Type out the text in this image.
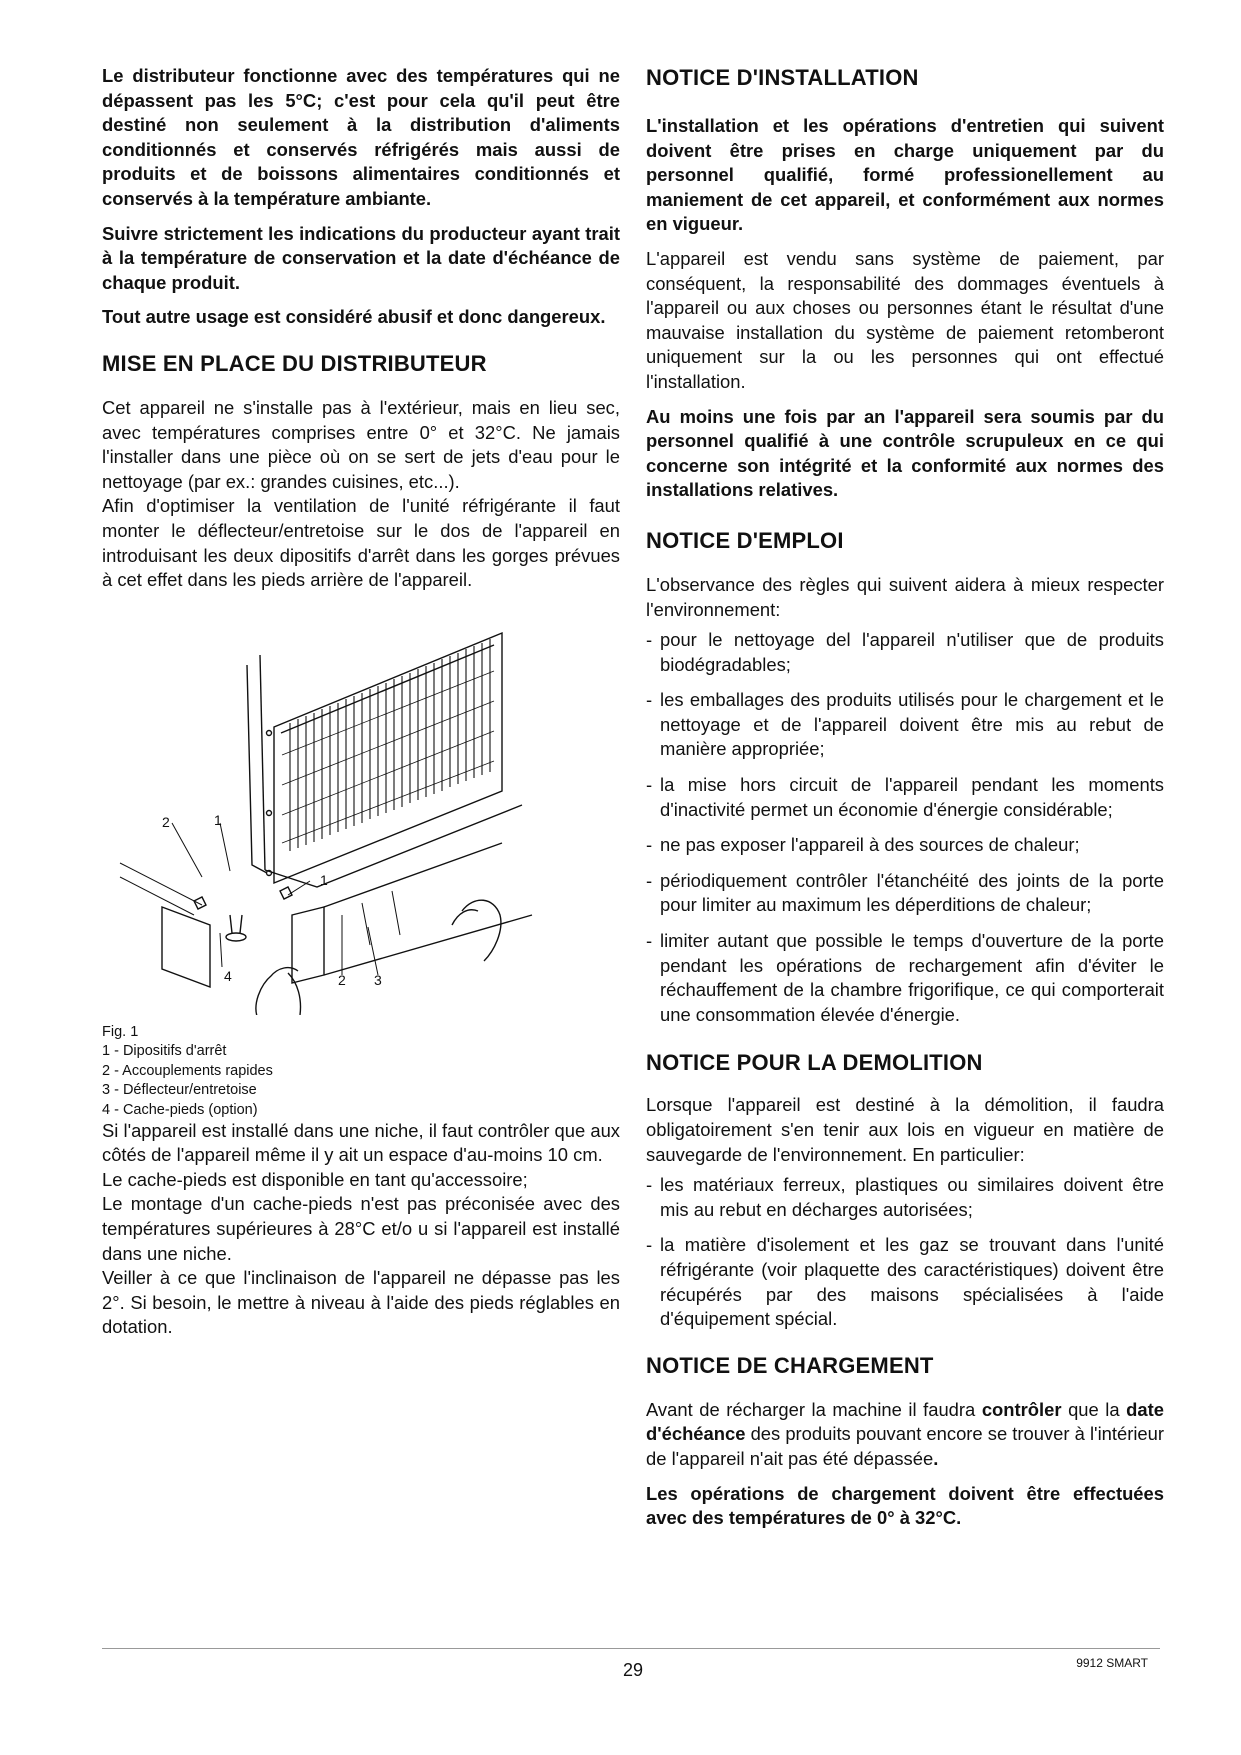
Le distributeur fonctionne avec des températures qui ne dépassent pas les 5°C; c'est pour cela qu'il peut être destiné non seulement à la distribution d'aliments conditionnés et conservés réfrigérés mais aussi de produits et de boissons alimentaires conditionnés et conservés à la température ambiante.

Suivre strictement les indications du producteur ayant trait à la température de conservation et la date d'échéance de chaque produit.

Tout autre usage est considéré abusif et donc dangereux.

MISE EN PLACE DU DISTRIBUTEUR

Cet appareil ne s'installe pas à l'extérieur, mais en lieu sec, avec températures comprises entre 0° et 32°C. Ne jamais l'installer dans une pièce où on se sert de jets d'eau pour le nettoyage (par ex.: grandes cuisines, etc...).

Afin d'optimiser la ventilation de l'unité réfrigérante il faut monter le déflecteur/entretoise sur le dos de l'appareil en introduisant les deux dipositifs d'arrêt dans les gorges prévues à cet effet dans les pieds arrière de l'appareil.

2	1
1
4	2 3
Fig. 1
1 - Dipositifs d'arrêt
2 - Accouplements rapides
3 - Déflecteur/entretoise
4 - Cache-pieds (option)

Si l'appareil est installé dans une niche, il faut contrôler que aux côtés de l'appareil même il y ait un espace d'au-moins 10 cm.

Le cache-pieds est disponible en tant qu'accessoire;

Le montage d'un cache-pieds n'est pas préconisée avec des températures supérieures à 28°C et/o u si l'appareil est installé dans une niche.

Veiller à ce que l'inclinaison de l'appareil ne dépasse pas les 2°. Si besoin, le mettre à niveau à l'aide des pieds réglables en dotation.

NOTICE D'INSTALLATION

L'installation et les opérations d'entretien qui suivent doivent être prises en charge uniquement par du personnel qualifié, formé professionellement au maniement de cet appareil, et conformément aux normes en vigueur.

L'appareil est vendu sans système de paiement, par conséquent, la responsabilité des dommages éventuels à l'appareil ou aux choses ou personnes étant le résultat d'une mauvaise installation du système de paiement retomberont uniquement sur la ou les personnes qui ont effectué l'installation.

Au moins une fois par an l'appareil sera soumis par du personnel qualifié à une contrôle scrupuleux en ce qui concerne son intégrité et la conformité aux normes des installations relatives.

NOTICE D'EMPLOI

L'observance des règles qui suivent aidera à mieux respecter l'environnement:

- pour le nettoyage del l'appareil n'utiliser que de produits biodégradables;
- les emballages des produits utilisés pour le chargement et le nettoyage et de l'appareil doivent être mis au rebut de manière appropriée;
- la mise hors circuit de l'appareil pendant les moments d'inactivité permet un économie d'énergie considérable;
- ne pas exposer l'appareil à des sources de chaleur;
- périodiquement contrôler l'étanchéité des joints de la porte pour limiter au maximum les déperditions de chaleur;
- limiter autant que possible le temps d'ouverture de la porte pendant les opérations de rechargement afin d'éviter le réchauffement de la chambre frigorifique, ce qui comporterait une consommation élevée d'énergie.
NOTICE POUR LA DEMOLITION

Lorsque l'appareil est destiné à la démolition, il faudra obligatoirement s'en tenir aux lois en vigueur en matière de sauvegarde de l'environnement. En particulier:

- les matériaux ferreux, plastiques ou similaires doivent être mis au rebut en décharges autorisées;
- la matière d'isolement et les gaz se trouvant dans l'unité réfrigérante (voir plaquette des caractéristiques) doivent être récupérés par des maisons spécialisées à l'aide d'équipement spécial.
NOTICE DE CHARGEMENT

Avant de récharger la machine il faudra contrôler que la date d'échéance des produits pouvant encore se trouver à l'intérieur de l'appareil n'ait pas été dépassée.

Les opérations de chargement doivent être effectuées avec des températures de 0° à 32°C.

29	9912 SMART
